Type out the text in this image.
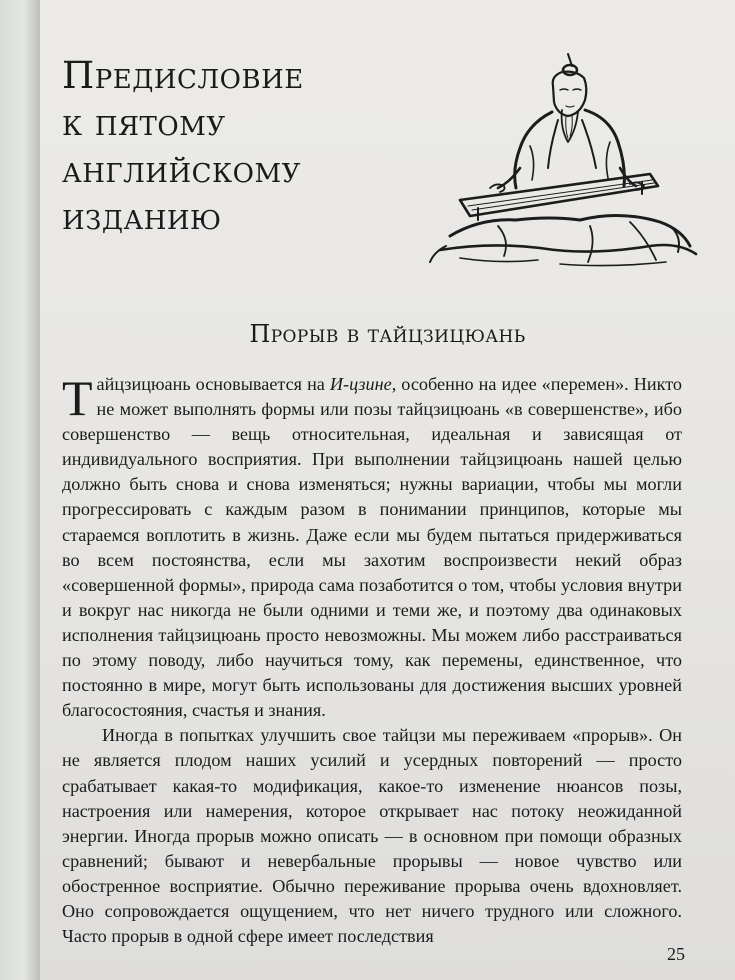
Предисловие
к пятому
английскому
изданию
Прорыв в тайцзицюань

Тайцзицюань основывается на И-цзине, особенно на идее «перемен». Никто не может выполнять формы или позы тайцзицюань «в совершенстве», ибо совершенство — вещь относительная, идеальная и зависящая от индивидуального восприятия. При выполнении тайцзицюань нашей целью должно быть снова и снова изменяться; нужны вариации, чтобы мы могли прогрессировать с каждым разом в понимании принципов, которые мы стараемся воплотить в жизнь. Даже если мы будем пытаться придерживаться во всем постоянства, если мы захотим воспроизвести некий образ «совершенной формы», природа сама позаботится о том, чтобы условия внутри и вокруг нас никогда не были одними и теми же, и поэтому два одинаковых исполнения тайцзицюань просто невозможны. Мы можем либо расстраиваться по этому поводу, либо научиться тому, как перемены, единственное, что постоянно в мире, могут быть использованы для достижения высших уровней благосостояния, счастья и знания.

Иногда в попытках улучшить свое тайцзи мы переживаем «прорыв». Он не является плодом наших усилий и усердных повторений — просто срабатывает какая-то модификация, какое-то изменение нюансов позы, настроения или намерения, которое открывает нас потоку неожиданной энергии. Иногда прорыв можно описать — в основном при помощи образных сравнений; бывают и невербальные прорывы — новое чувство или обостренное восприятие. Обычно переживание прорыва очень вдохновляет. Оно сопровождается ощущением, что нет ничего трудного или сложного. Часто прорыв в одной сфере имеет последствия

25
